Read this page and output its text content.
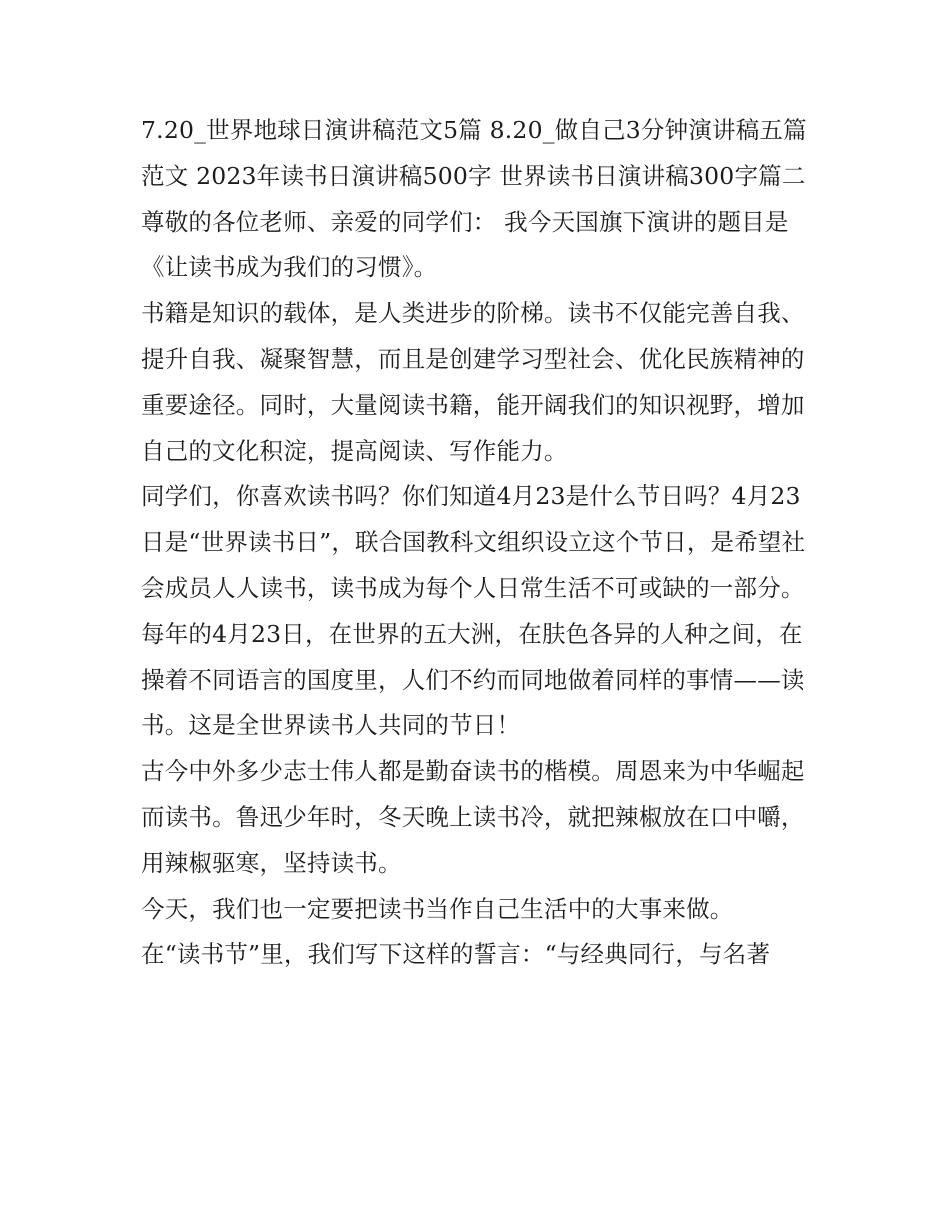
7.20_世界地球日演讲稿范文5篇 8.20_做自己3分钟演讲稿五篇范文 2023年读书日演讲稿500字 世界读书日演讲稿300字篇二

尊敬的各位老师、亲爱的同学们： 我今天国旗下演讲的题目是《让读书成为我们的习惯》。

书籍是知识的载体，是人类进步的阶梯。读书不仅能完善自我、提升自我、凝聚智慧，而且是创建学习型社会、优化民族精神的重要途径。同时，大量阅读书籍，能开阔我们的知识视野，增加自己的文化积淀，提高阅读、写作能力。

同学们，你喜欢读书吗？你们知道4月23是什么节日吗？4月23日是“世界读书日”，联合国教科文组织设立这个节日，是希望社会成员人人读书，读书成为每个人日常生活不可或缺的一部分。每年的4月23日，在世界的五大洲，在肤色各异的人种之间，在操着不同语言的国度里，人们不约而同地做着同样的事情——读书。这是全世界读书人共同的节日！

古今中外多少志士伟人都是勤奋读书的楷模。周恩来为中华崛起而读书。鲁迅少年时，冬天晚上读书冷，就把辣椒放在口中嚼，用辣椒驱寒，坚持读书。

今天，我们也一定要把读书当作自己生活中的大事来做。

在“读书节”里，我们写下这样的誓言：“与经典同行，与名著
